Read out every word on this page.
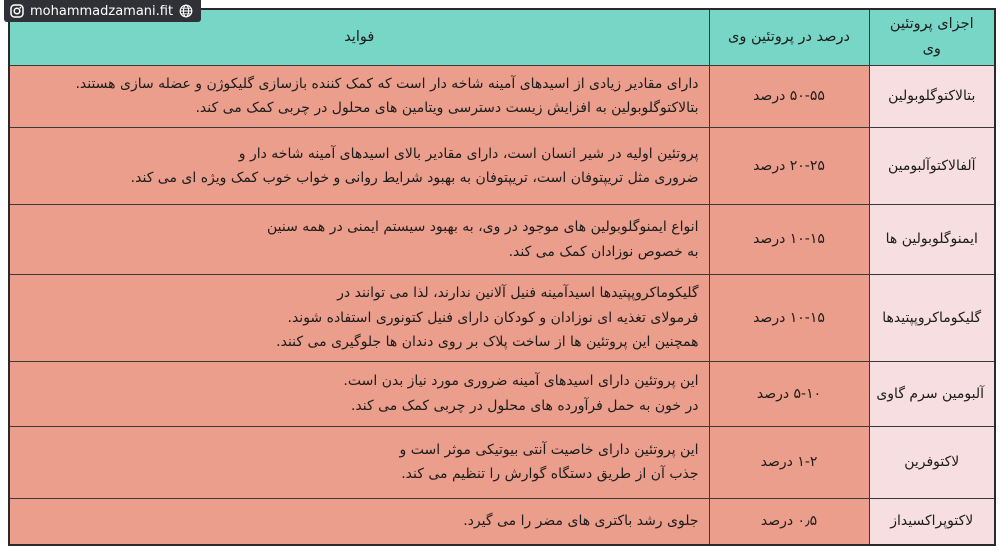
mohammadzamani.fit
اجزای پروتئین وی	درصد در پروتئین وی	فواید
بتالاکتوگلوبولین	۵۰-۵۵ درصد	دارای مقادیر زیادی از اسیدهای آمینه شاخه دار است که کمک کننده بازسازی گلیکوژن و عضله سازی هستند.
بتالاکتوگلوبولین به افزایش زیست دسترسی ویتامین های محلول در چربی کمک می کند.

آلفالاکتوآلبومین	۲۰-۲۵ درصد	پروتئین اولیه در شیر انسان است، دارای مقادیر بالای اسیدهای آمینه شاخه دار و
ضروری مثل تریپتوفان است، تریپتوفان به بهبود شرایط روانی و خواب خوب کمک ویژه ای می کند.

ایمنوگلوبولین ها	۱۰-۱۵ درصد	انواع ایمنوگلوبولین های موجود در وی، به بهبود سیستم ایمنی در همه سنین
به خصوص نوزادان کمک می کند.

گلیکوماکروپپتیدها	۱۰-۱۵ درصد	گلیکوماکروپپتیدها اسیدآمینه فنیل آلانین ندارند، لذا می توانند در
فرمولای تغذیه ای نوزادان و کودکان دارای فنیل کتونوری استفاده شوند.
همچنین این پروتئین ها از ساخت پلاک بر روی دندان ها جلوگیری می کنند.

آلبومین سرم گاوی	۵-۱۰ درصد	این پروتئین دارای اسیدهای آمینه ضروری مورد نیاز بدن است.
در خون به حمل فرآورده های محلول در چربی کمک می کند.

لاکتوفرین	۱-۲ درصد	این پروتئین دارای خاصیت آنتی بیوتیکی موثر است و
جذب آن از طریق دستگاه گوارش را تنظیم می کند.

لاکتوپراکسیداز	۰٫۵ درصد	جلوی رشد باکتری های مضر را می گیرد.
